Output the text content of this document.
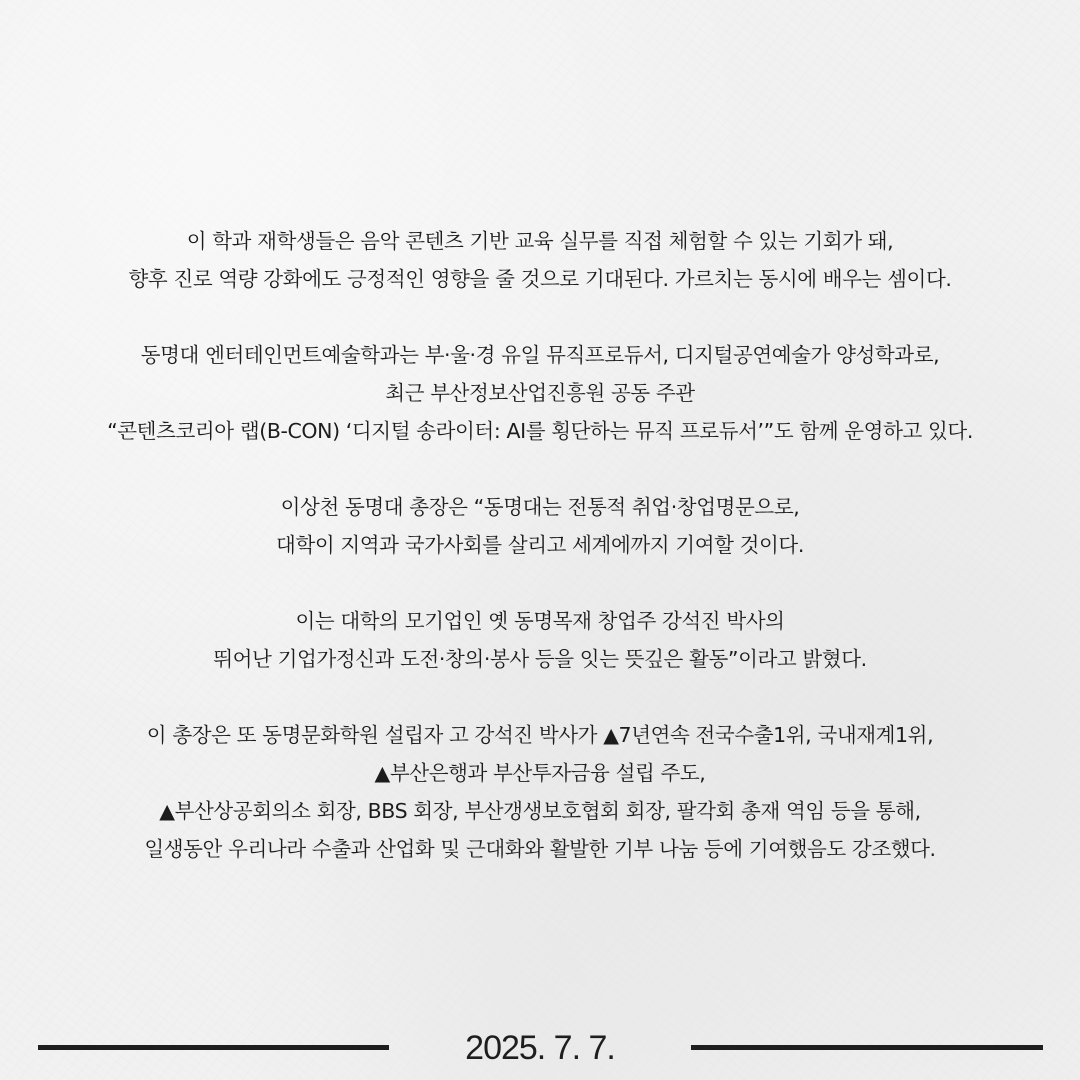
이 학과 재학생들은 음악 콘텐츠 기반 교육 실무를 직접 체험할 수 있는 기회가 돼,
향후 진로 역량 강화에도 긍정적인 영향을 줄 것으로 기대된다. 가르치는 동시에 배우는 셈이다.

동명대 엔터테인먼트예술학과는 부·울·경 유일 뮤직프로듀서, 디지털공연예술가 양성학과로,
최근 부산정보산업진흥원 공동 주관
“콘텐츠코리아 랩(B-CON) ‘디지털 송라이터: AI를 횡단하는 뮤직 프로듀서’”도 함께 운영하고 있다.

이상천 동명대 총장은 “동명대는 전통적 취업·창업명문으로,
대학이 지역과 국가사회를 살리고 세계에까지 기여할 것이다.

이는 대학의 모기업인 옛 동명목재 창업주 강석진 박사의
뛰어난 기업가정신과 도전·창의·봉사 등을 잇는 뜻깊은 활동”이라고 밝혔다.

이 총장은 또 동명문화학원 설립자 고 강석진 박사가 ▲7년연속 전국수출1위, 국내재계1위,
▲부산은행과 부산투자금융 설립 주도,
▲부산상공회의소 회장, BBS 회장, 부산갱생보호협회 회장, 팔각회 총재 역임 등을 통해,
일생동안 우리나라 수출과 산업화 및 근대화와 활발한 기부 나눔 등에 기여했음도 강조했다.

2025. 7. 7.
